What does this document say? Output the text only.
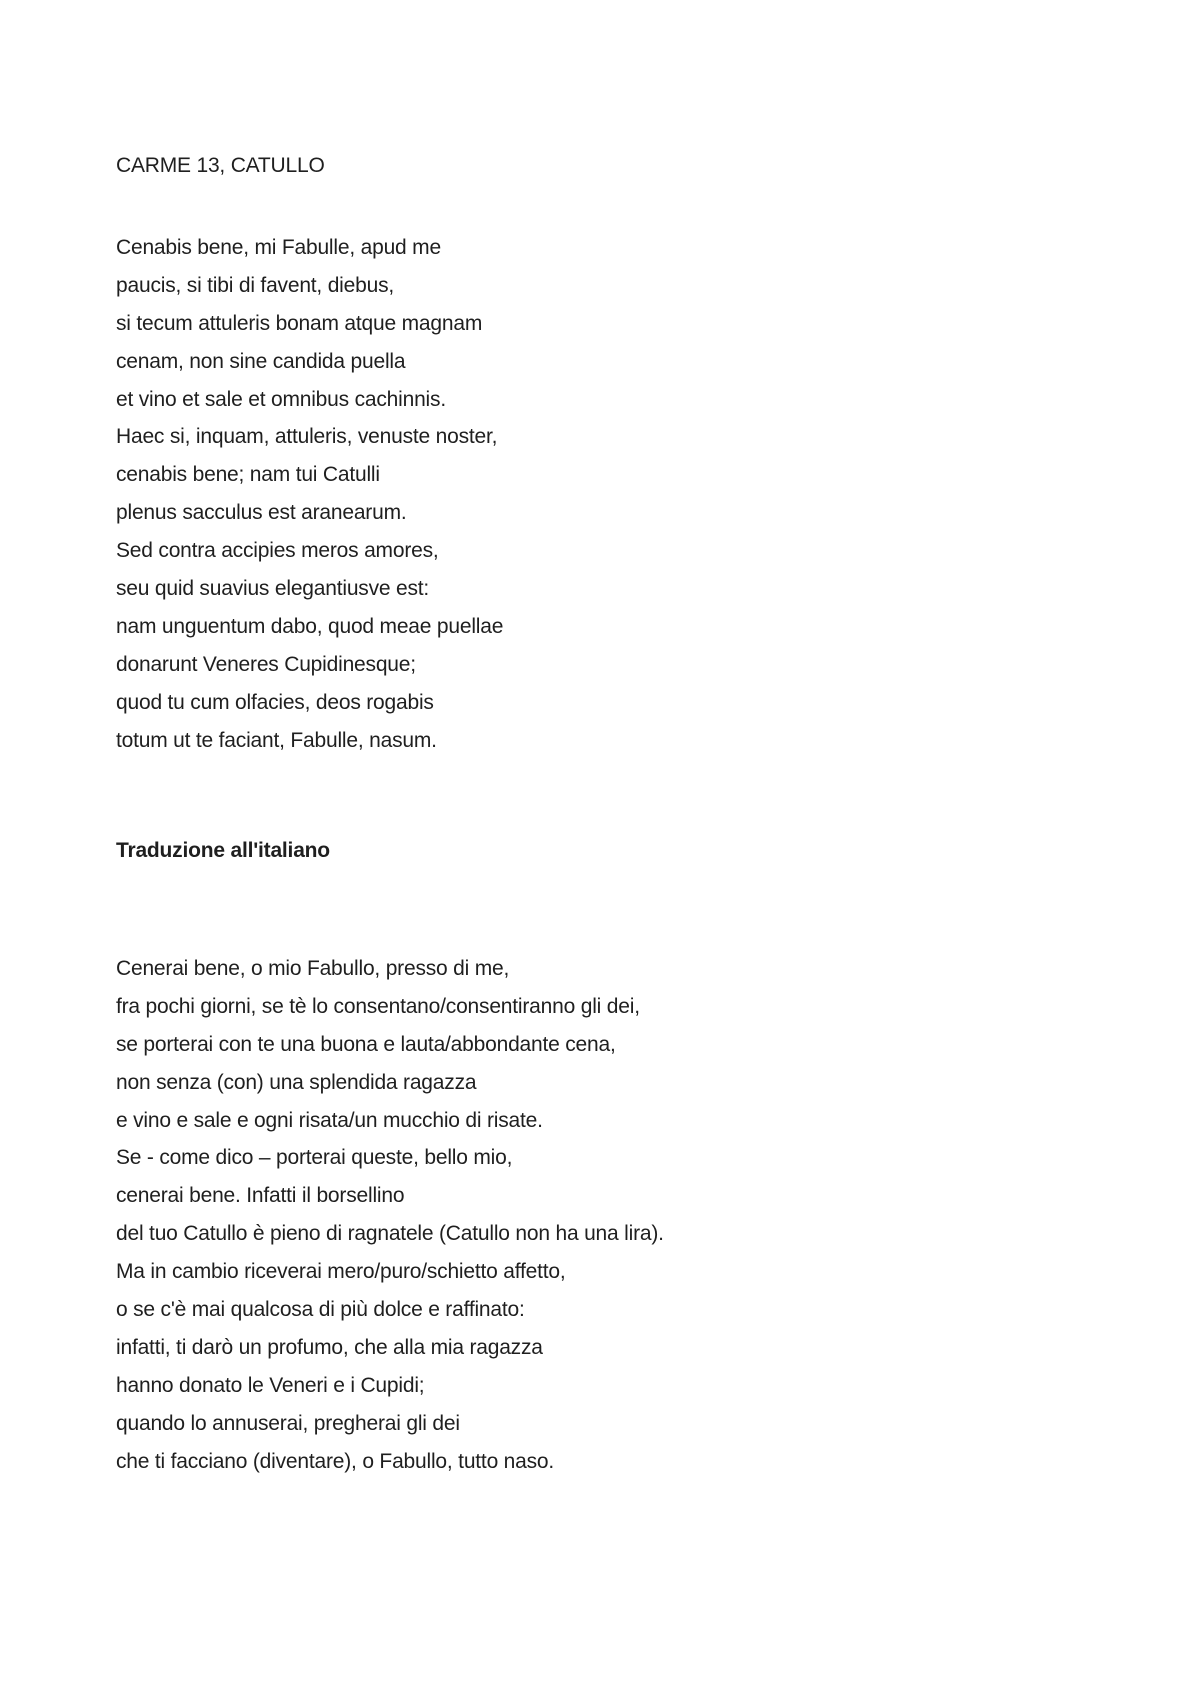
CARME 13, CATULLO
Cenabis bene, mi Fabulle, apud me
paucis, si tibi di favent, diebus,
si tecum attuleris bonam atque magnam
cenam, non sine candida puella
et vino et sale et omnibus cachinnis.
Haec si, inquam, attuleris, venuste noster,
cenabis bene; nam tui Catulli
plenus sacculus est aranearum.
Sed contra accipies meros amores,
seu quid suavius elegantiusve est:
nam unguentum dabo, quod meae puellae
donarunt Veneres Cupidinesque;
quod tu cum olfacies, deos rogabis
totum ut te faciant, Fabulle, nasum.
Traduzione all'italiano
Cenerai bene, o mio Fabullo, presso di me,
fra pochi giorni, se tè lo consentano/consentiranno gli dei,
se porterai con te una buona e lauta/abbondante cena,
non senza (con) una splendida ragazza
e vino e sale e ogni risata/un mucchio di risate.
Se - come dico – porterai queste, bello mio,
cenerai bene. Infatti il borsellino
del tuo Catullo è pieno di ragnatele (Catullo non ha una lira).
Ma in cambio riceverai mero/puro/schietto affetto,
o se c'è mai qualcosa di più dolce e raffinato:
infatti, ti darò un profumo, che alla mia ragazza
hanno donato le Veneri e i Cupidi;
quando lo annuserai, pregherai gli dei
che ti facciano (diventare), o Fabullo, tutto naso.
